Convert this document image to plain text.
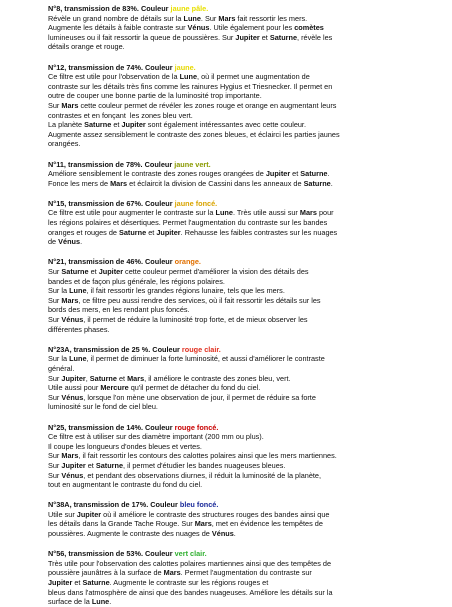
N°8, transmission de 83%. Couleur jaune pâle.
Révèle un grand nombre de détails sur la Lune. Sur Mars fait ressortir les mers.
Augmente les détails à faible contraste sur Vénus. Utile également pour les comètes
lumineuses ou il fait ressortir la queue de poussières. Sur Jupiter et Saturne, révèle les
détails orange et rouge.
N°12, transmission de 74%. Couleur jaune.
Ce filtre est utile pour l'observation de la Lune, où il permet une augmentation de
contraste sur les détails très fins comme les rainures Hygius et Triesnecker. Il permet en
outre de couper une bonne partie de la luminosité trop importante.
Sur Mars cette couleur permet de révéler les zones rouge et orange en augmentant leurs
contrastes et en fonçant  les zones bleu vert.
La planète Saturne et Jupiter sont également intéressantes avec cette couleur.
Augmente assez sensiblement le contraste des zones bleues, et éclairci les parties jaunes
orangées.
N°11, transmission de 78%. Couleur jaune vert.
Améliore sensiblement le contraste des zones rouges orangées de Jupiter et Saturne.
Fonce les mers de Mars et éclaircit la division de Cassini dans les anneaux de Saturne.
N°15, transmission de 67%. Couleur jaune foncé.
Ce filtre est utile pour augmenter le contraste sur la Lune. Très utile aussi sur Mars pour
les régions polaires et désertiques. Permet l'augmentation du contraste sur les bandes
oranges et rouges de Saturne et Jupiter. Rehausse les faibles contrastes sur les nuages
de Vénus.
N°21, transmission de 46%. Couleur orange.
Sur Saturne et Jupiter cette couleur permet d'améliorer la vision des détails des
bandes et de façon plus générale, les régions polaires.
Sur la Lune, il fait ressortir les grandes régions lunaire, tels que les mers.
Sur Mars, ce filtre peu aussi rendre des services, où il fait ressortir les détails sur les
bords des mers, en les rendant plus foncés.
Sur Vénus, il permet de réduire la luminosité trop forte, et de mieux observer les
différentes phases.
N°23A, transmission de 25 %. Couleur rouge clair.
Sur la Lune, il permet de diminuer la forte luminosité, et aussi d'améliorer le contraste
général.
Sur Jupiter, Saturne et Mars, il améliore le contraste des zones bleu, vert.
Utile aussi pour Mercure qu'il permet de détacher du fond du ciel.
Sur Vénus, lorsque l'on mène une observation de jour, il permet de réduire sa forte
luminosité sur le fond de ciel bleu.
N°25, transmission de 14%. Couleur rouge foncé.
Ce filtre est à utiliser sur des diamètre important (200 mm ou plus).
Il coupe les longueurs d'ondes bleues et vertes.
Sur Mars, il fait ressortir les contours des calottes polaires ainsi que les mers martiennes.
Sur Jupiter et Saturne, il permet d'étudier les bandes nuageuses bleues.
Sur Vénus, et pendant des observations diurnes, il réduit la luminosité de la planète,
tout en augmentant le contraste du fond du ciel.
N°38A, transmission de 17%. Couleur bleu foncé.
Utile sur Jupiter où il améliore le contraste des structures rouges des bandes ainsi que
les détails dans la Grande Tache Rouge. Sur Mars, met en évidence les tempêtes de
poussières. Augmente le contraste des nuages de Vénus.
N°56, transmission de 53%. Couleur vert clair.
Très utile pour l'observation des calottes polaires martiennes ainsi que des tempêtes de
poussière jaunâtres à la surface de Mars. Permet l'augmentation du contraste sur
Jupiter et Saturne. Augmente le contraste sur les régions rouges et
bleus dans l'atmosphère de ainsi que des bandes nuageuses. Améliore les détails sur la
surface de la Lune.
